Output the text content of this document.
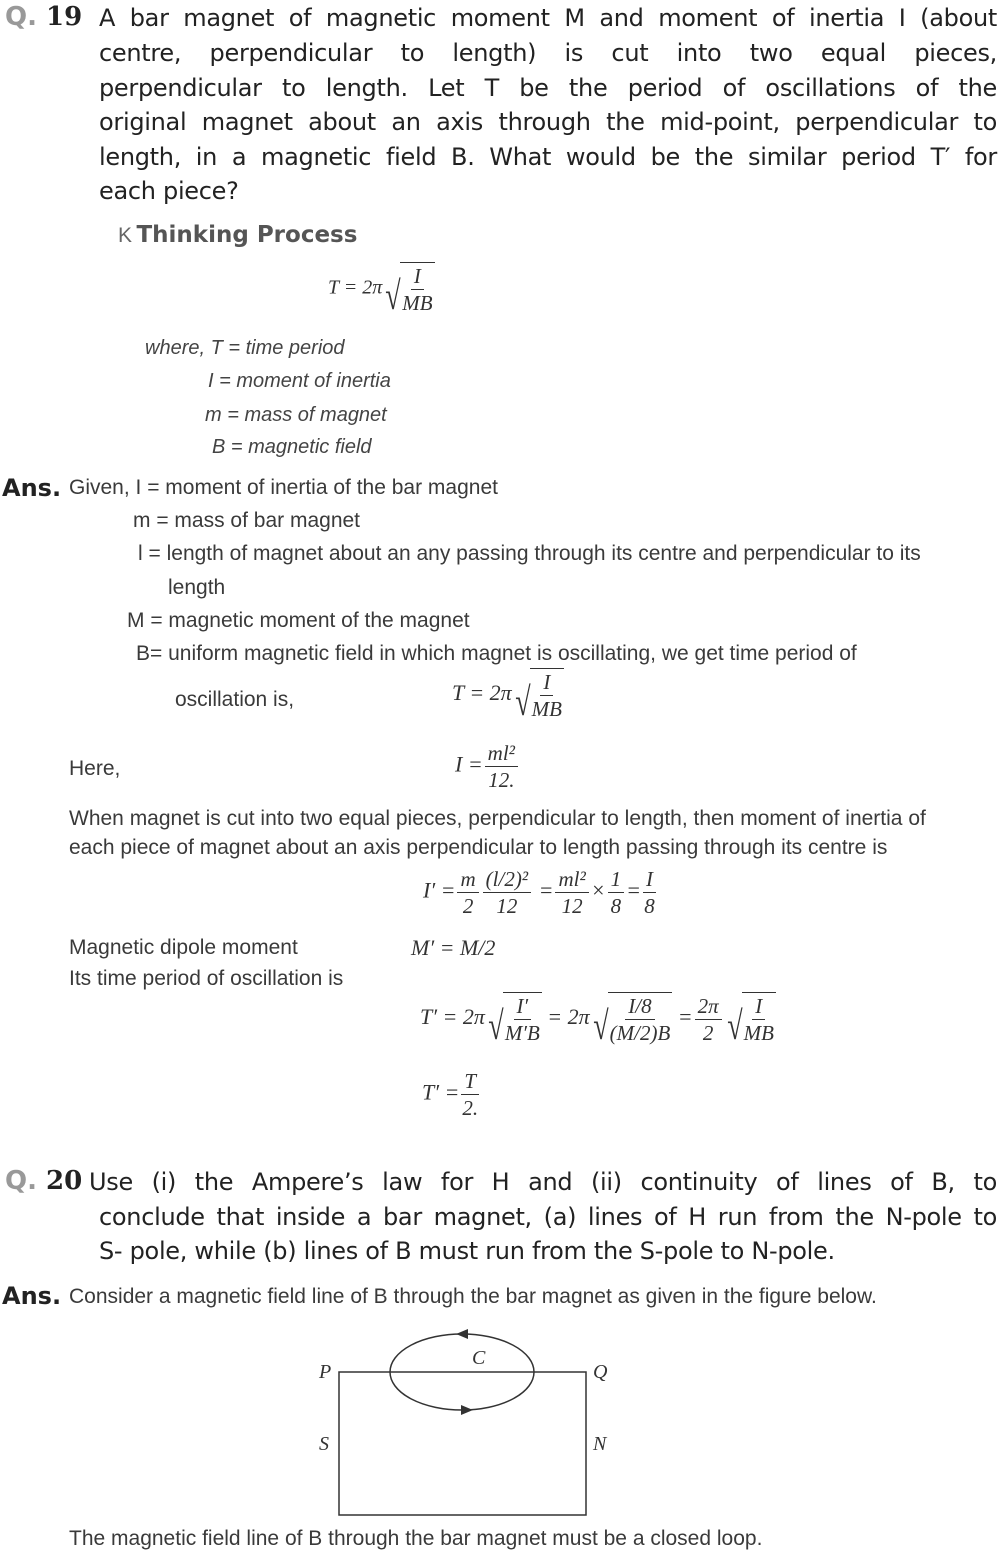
Q. 19 A bar magnet of magnetic moment M and moment of inertia I (about
centre, perpendicular to length) is cut into two equal pieces,
perpendicular to length. Let T be the period of oscillations of the
original magnet about an axis through the mid-point, perpendicular to
length, in a magnetic field B. What would be the similar period T′ for
each piece?
K Thinking Process
T = 2π √ $\frac{I}{MB}$
where, T = time period
I = moment of inertia
m = mass of magnet
B = magnetic field
Ans. Given, I = moment of inertia of the bar magnet
m = mass of bar magnet
l = length of magnet about an any passing through its centre and perpendicular to its
length
M = magnetic moment of the magnet
B= uniform magnetic field in which magnet is oscillating, we get time period of
oscillation is,	T = 2π √ $\frac{I}{MB}$
Here,	$I = \frac{\text{ml²}}{12.}$
When magnet is cut into two equal pieces, perpendicular to length, then moment of inertia of
each piece of magnet about an axis perpendicular to length passing through its centre is
$I' = \frac{m}{2} \frac{\text{(l/2)²}}{12} = \frac{\text{ml²}}{12} \times \frac{1}{8} = \frac{I}{8}$
Magnetic dipole moment	M′ = M/2
Its time period of oscillation is
T′ = 2π √ $\frac{I'}{M'B} = 2\pi$ √ $\frac{I/8}{(M/2)B} = \frac{2\pi}{2}$ √ $\frac{I}{MB}$
$T' = \frac{T}{2.}$
Q. 20 Use (i) the Ampere’s law for H and (ii) continuity of lines of B, to
conclude that inside a bar magnet, (a) lines of H run from the N-pole to
S- pole, while (b) lines of B must run from the S-pole to N-pole.
Ans. Consider a magnetic field line of B through the bar magnet as given in the figure below.
P	Q
C
S	N
The magnetic field line of B through the bar magnet must be a closed loop.
